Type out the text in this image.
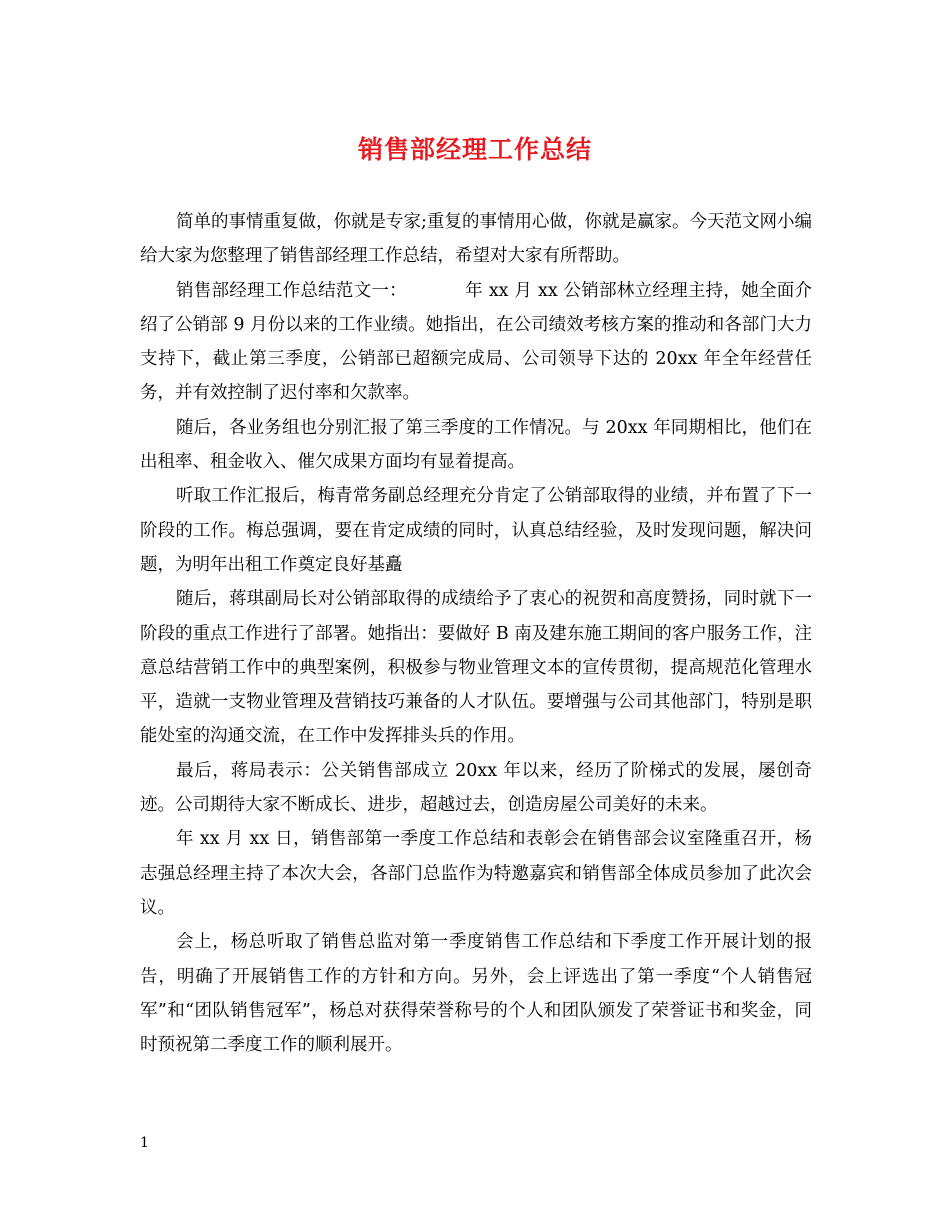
销售部经理工作总结

简单的事情重复做，你就是专家;重复的事情用心做，你就是赢家。今天范文网小编给大家为您整理了销售部经理工作总结，希望对大家有所帮助。

销售部经理工作总结范文一：	年 xx 月 xx 公销部林立经理主持，她全面介绍了公销部 9 月份以来的工作业绩。她指出，在公司绩效考核方案的推动和各部门大力支持下，截止第三季度，公销部已超额完成局、公司领导下达的 20xx 年全年经营任务，并有效控制了迟付率和欠款率。

随后，各业务组也分别汇报了第三季度的工作情况。与 20xx 年同期相比，他们在出租率、租金收入、催欠成果方面均有显着提高。

听取工作汇报后，梅青常务副总经理充分肯定了公销部取得的业绩，并布置了下一阶段的工作。梅总强调，要在肯定成绩的同时，认真总结经验，及时发现问题，解决问题，为明年出租工作奠定良好基矗

随后，蒋琪副局长对公销部取得的成绩给予了衷心的祝贺和高度赞扬，同时就下一阶段的重点工作进行了部署。她指出：要做好 B 南及建东施工期间的客户服务工作，注意总结营销工作中的典型案例，积极参与物业管理文本的宣传贯彻，提高规范化管理水平，造就一支物业管理及营销技巧兼备的人才队伍。要增强与公司其他部门，特别是职能处室的沟通交流，在工作中发挥排头兵的作用。

最后，蒋局表示：公关销售部成立 20xx 年以来，经历了阶梯式的发展，屡创奇迹。公司期待大家不断成长、进步，超越过去，创造房屋公司美好的未来。

年 xx 月 xx 日，销售部第一季度工作总结和表彰会在销售部会议室隆重召开，杨志强总经理主持了本次大会，各部门总监作为特邀嘉宾和销售部全体成员参加了此次会议。

会上，杨总听取了销售总监对第一季度销售工作总结和下季度工作开展计划的报告，明确了开展销售工作的方针和方向。另外，会上评选出了第一季度“个人销售冠军”和“团队销售冠军”，杨总对获得荣誉称号的个人和团队颁发了荣誉证书和奖金，同时预祝第二季度工作的顺利展开。

1
